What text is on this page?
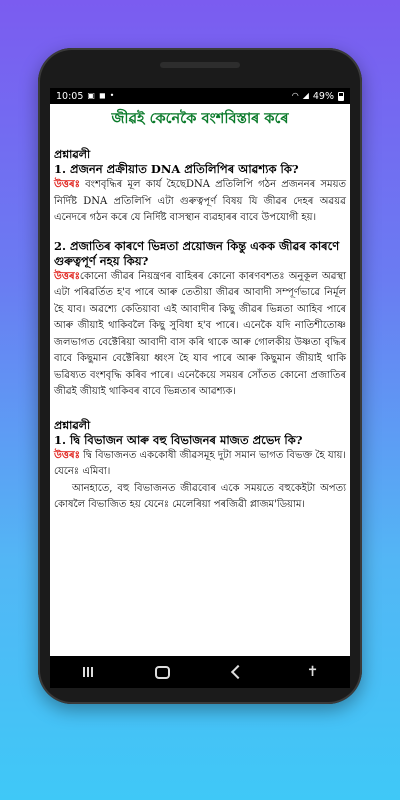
10:05 ▣ ◼ •	◠ ◢ 49%
জীৱই কেনেকৈ বংশবিস্তাৰ কৰে
প্ৰশ্নাৱলী
1. প্ৰজনন প্ৰক্ৰীয়াত DNA প্ৰতিলিপিৰ আৱশ্যক কি?

উত্তৰঃ বংশবৃদ্ধিৰ মূল কাৰ্য হৈছেDNA প্ৰতিলিপি গঠন প্ৰজননৰ সময়ত নিৰ্দিষ্ট DNA প্ৰতিলিপি এটা গুৰুত্বপূৰ্ণ বিষয় যি জীৱৰ দেহৰ অৱয়ৱ এনেদৰে গঠন কৰে যে নিৰ্দিষ্ট বাসস্থান ব্যৱহাৰৰ বাবে উপযোগী হয়।

2. প্ৰজাতিৰ কাৰণে ভিন্নতা প্ৰয়োজন কিন্তু একক জীৱৰ কাৰণে গুৰুত্বপূৰ্ণ নহয় কিয়?

উত্তৰঃকোনো জীৱৰ নিয়ন্ত্ৰণৰ বাহিৰৰ কোনো কাৰণবশতঃ অনুকূল অৱস্থা এটা পৰিৱৰ্তিত হ'ব পাৰে আৰু তেতীয়া জীৱৰ আবাদী সম্পূৰ্ণভাৱে নিৰ্মূল হৈ যাব। অৱশ্যে কেতিয়াবা এই আবাদীৰ কিছু জীৱৰ ভিন্নতা আহিব পাৰে আৰু জীয়াই থাকিবলৈ কিছু সুবিধা হ'ব পাৰে। এনেকৈ যদি নাতিশীতোষ্ণ জলভাগত বেক্টেৰিয়া আবাদী বাস কৰি থাকে আৰু গোলকীয় উষ্ণতা বৃদ্ধিৰ বাবে কিছুমান বেক্টেৰিয়া ধ্বংস হৈ যাব পাৰে আৰু কিছুমান জীয়াই থাকি ভৱিষ্যত বংশবৃদ্ধি কৰিব পাৰে। এনেকৈয়ে সময়ৰ সোঁতত কোনো প্ৰজাতিৰ জীৱই জীয়াই থাকিবৰ বাবে ভিন্নতাৰ আৱশ্যক।

প্ৰশ্নাৱলী
1. দ্বি বিভাজন আৰু বহু বিভাজনৰ মাজত প্ৰভেদ কি?

উত্তৰঃ দ্বি বিভাজনত এককোষী জীৱসমূহ দুটা সমান ভাগত বিভক্ত হৈ যায়। যেনেঃ এমিবা।

আনহাতে, বহু বিভাজনত জীৱবোৰ একে সময়তে বহুকেইটা অপত্য কোষলৈ বিভাজিত হয় যেনেঃ মেলেৰিয়া পৰজিৱী প্লাজম'ডিয়াম।

✝
